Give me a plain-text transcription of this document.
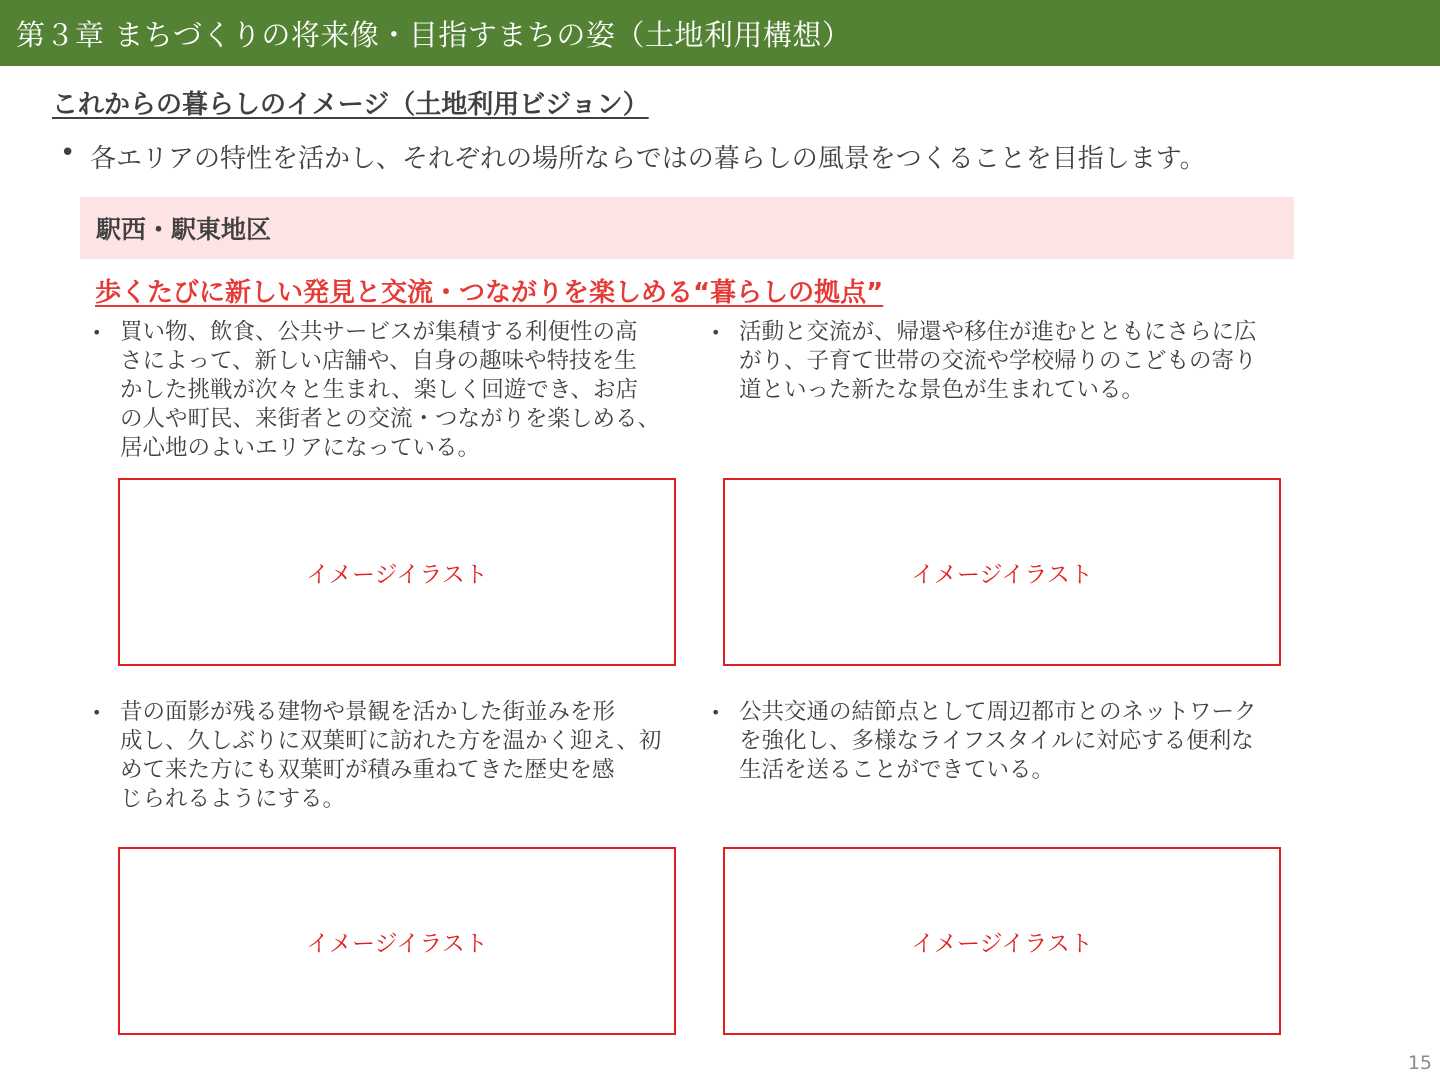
第３章 まちづくりの将来像・目指すまちの姿（土地利用構想）
これからの暮らしのイメージ（土地利用ビジョン）
• 各エリアの特性を活かし、それぞれの場所ならではの暮らしの風景をつくることを目指します。
駅西・駅東地区
歩くたびに新しい発見と交流・つながりを楽しめる“暮らしの拠点”
• 買い物、飲食、公共サービスが集積する利便性の高
さによって、新しい店舗や、自身の趣味や特技を生
かした挑戦が次々と生まれ、楽しく回遊でき、お店
の人や町民、来街者との交流・つながりを楽しめる、
居心地のよいエリアになっている。
• 活動と交流が、帰還や移住が進むとともにさらに広
がり、子育て世帯の交流や学校帰りのこどもの寄り
道といった新たな景色が生まれている。
イメージイラスト	イメージイラスト
• 昔の面影が残る建物や景観を活かした街並みを形
成し、久しぶりに双葉町に訪れた方を温かく迎え、初
めて来た方にも双葉町が積み重ねてきた歴史を感
じられるようにする。
• 公共交通の結節点として周辺都市とのネットワーク
を強化し、多様なライフスタイルに対応する便利な
生活を送ることができている。
イメージイラスト	イメージイラスト
15
